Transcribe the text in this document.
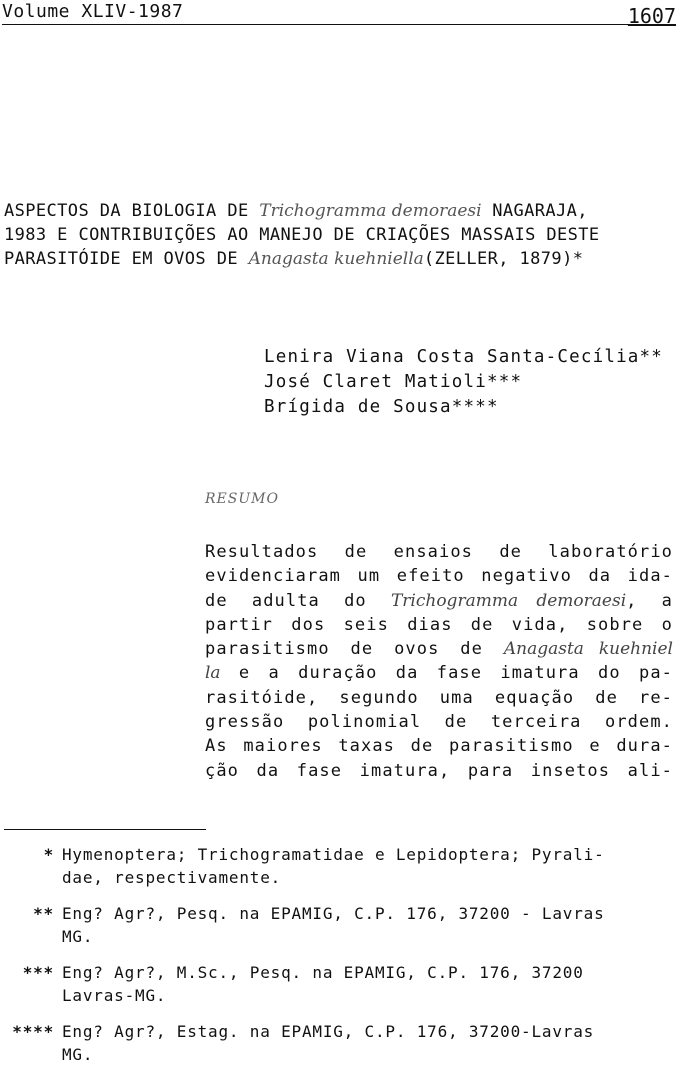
Volume XLIV-1987	1607
ASPECTOS DA BIOLOGIA DE Trichogramma demoraesi NAGARAJA,
1983 E CONTRIBUIÇÕES AO MANEJO DE CRIAÇÕES MASSAIS DESTE
PARASITÓIDE EM OVOS DE Anagasta kuehniella(ZELLER, 1879)*
Lenira Viana Costa Santa-Cecília**
José Claret Matioli***
Brígida de Sousa****
RESUMO
Resultados de ensaios de laboratório
evidenciaram um efeito negativo da ida-
de adulta do Trichogramma demoraesi, a
partir dos seis dias de vida, sobre o
parasitismo de ovos de Anagasta kuehniel
la e a duração da fase imatura do pa-
rasitóide, segundo uma equação de re-
gressão polinomial de terceira ordem.
As maiores taxas de parasitismo e dura-
ção da fase imatura, para insetos ali-
* Hymenoptera; Trichogramatidae e Lepidoptera; Pyrali-
dae, respectivamente.
** Eng? Agr?, Pesq. na EPAMIG, C.P. 176, 37200 - Lavras
MG.
*** Eng? Agr?, M.Sc., Pesq. na EPAMIG, C.P. 176, 37200
Lavras-MG.
**** Eng? Agr?, Estag. na EPAMIG, C.P. 176, 37200-Lavras
MG.
